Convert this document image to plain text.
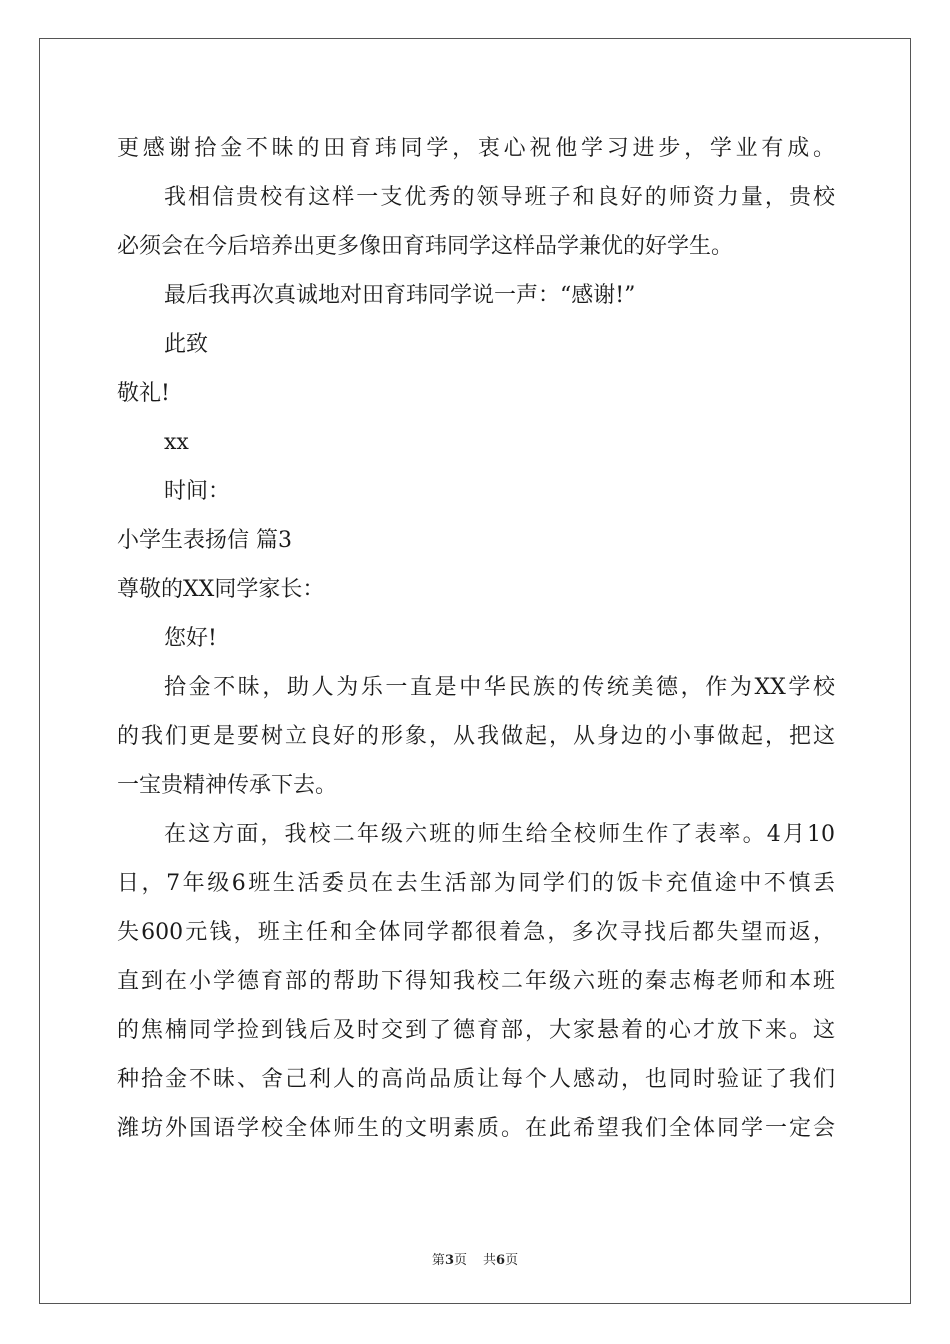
更感谢拾金不昧的田育玮同学，衷心祝他学习进步，学业有成。
我相信贵校有这样一支优秀的领导班子和良好的师资力量，贵校
必须会在今后培养出更多像田育玮同学这样品学兼优的好学生。
最后我再次真诚地对田育玮同学说一声：“感谢!”
此致
敬礼!
xx
时间：
小学生表扬信 篇3
尊敬的XX同学家长：
您好!
拾金不昧，助人为乐一直是中华民族的传统美德，作为XX学校
的我们更是要树立良好的形象，从我做起，从身边的小事做起，把这
一宝贵精神传承下去。
在这方面，我校二年级六班的师生给全校师生作了表率。4月10
日，7年级6班生活委员在去生活部为同学们的饭卡充值途中不慎丢
失600元钱，班主任和全体同学都很着急，多次寻找后都失望而返，
直到在小学德育部的帮助下得知我校二年级六班的秦志梅老师和本班
的焦楠同学捡到钱后及时交到了德育部，大家悬着的心才放下来。这
种拾金不昧、舍己利人的高尚品质让每个人感动，也同时验证了我们
潍坊外国语学校全体师生的文明素质。在此希望我们全体同学一定会
第3页 共6页
